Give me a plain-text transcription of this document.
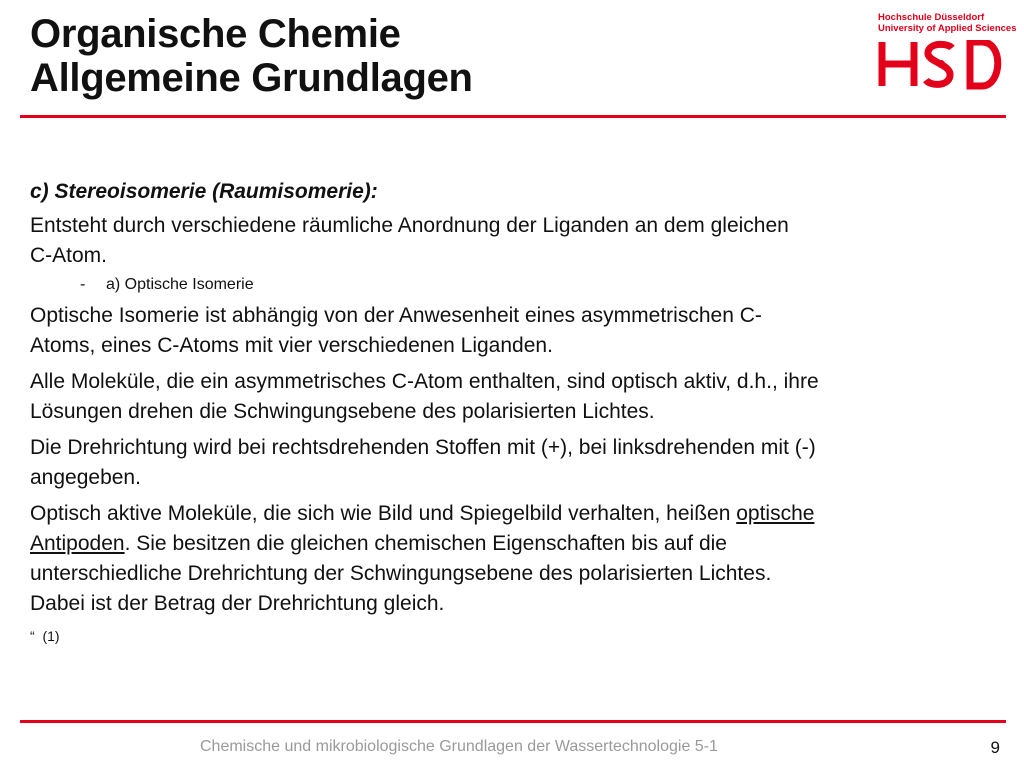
Organische Chemie
Allgemeine Grundlagen
Hochschule Düsseldorf
University of Applied Sciences
c) Stereoisomerie (Raumisomerie):
Entsteht durch verschiedene räumliche Anordnung der Liganden an dem gleichen
C-Atom.
- a) Optische Isomerie
Optische Isomerie ist abhängig von der Anwesenheit eines asymmetrischen C-
Atoms, eines C-Atoms mit vier verschiedenen Liganden.
Alle Moleküle, die ein asymmetrisches C-Atom enthalten, sind optisch aktiv, d.h., ihre
Lösungen drehen die Schwingungsebene des polarisierten Lichtes.
Die Drehrichtung wird bei rechtsdrehenden Stoffen mit (+), bei linksdrehenden mit (-)
angegeben.
Optisch aktive Moleküle, die sich wie Bild und Spiegelbild verhalten, heißen optische
Antipoden. Sie besitzen die gleichen chemischen Eigenschaften bis auf die
unterschiedliche Drehrichtung der Schwingungsebene des polarisierten Lichtes.
Dabei ist der Betrag der Drehrichtung gleich.
“ (1)
Chemische und mikrobiologische Grundlagen der Wassertechnologie 5-1	9
